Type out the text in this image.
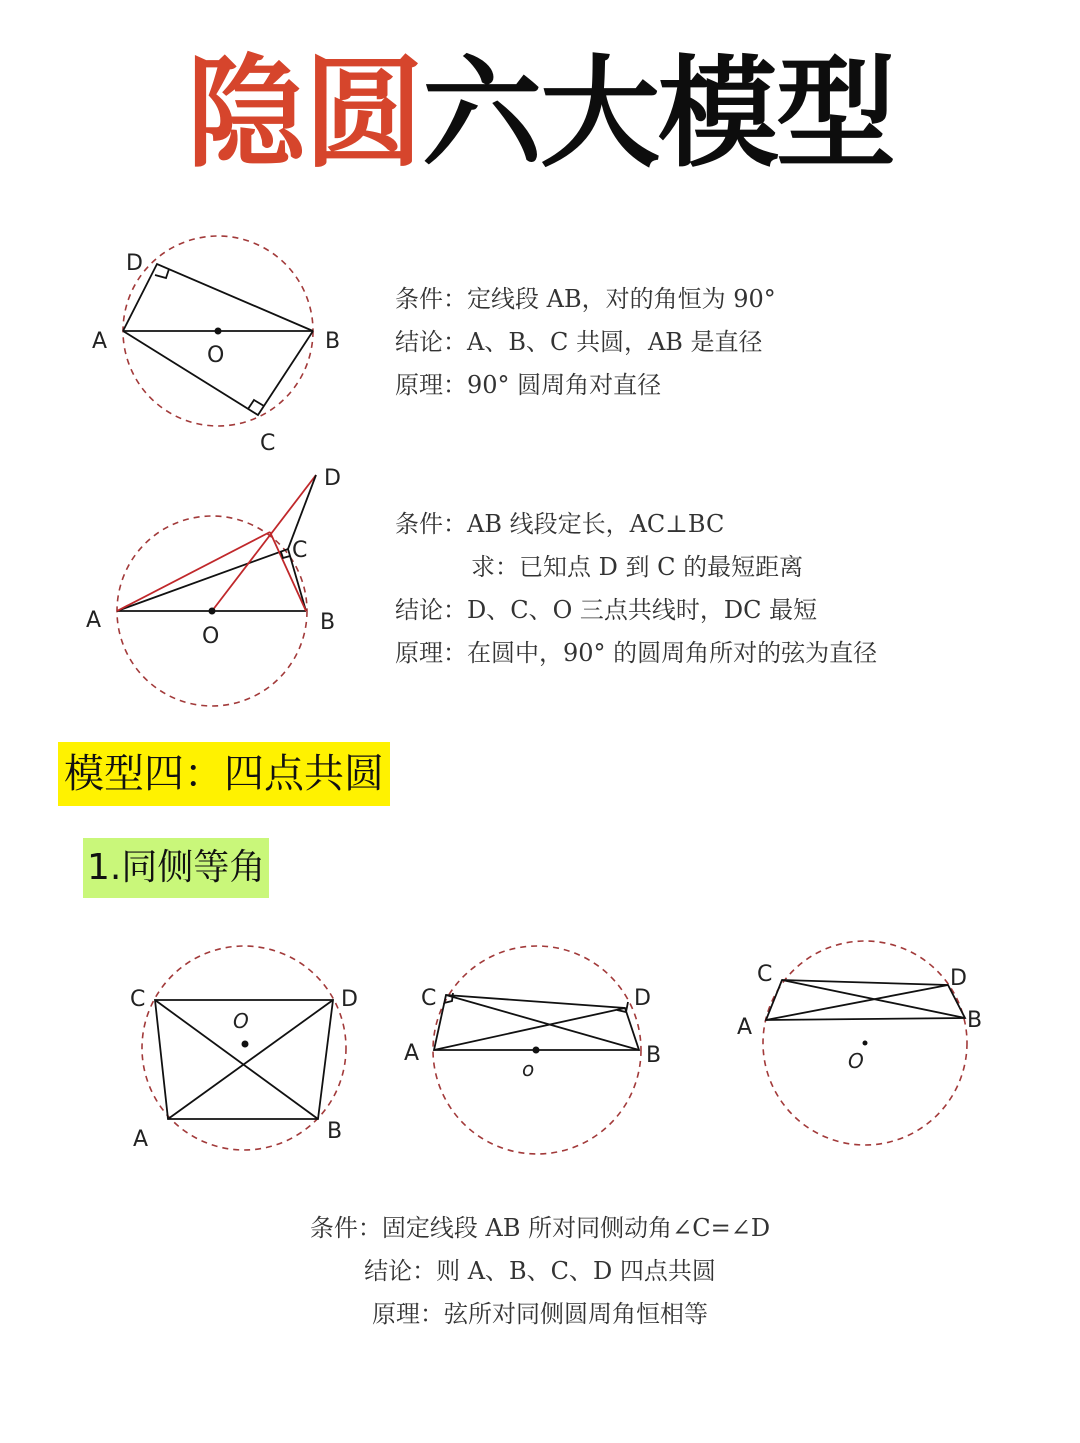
隐圆六大模型
D
A	B
C
O
条件：定线段 AB，对的角恒为 90°
结论：A、B、C 共圆，AB 是直径
原理：90° 圆周角对直径
D
C
A	B
O
条件：AB 线段定长，AC⊥BC
求：已知点 D 到 C 的最短距离
结论：D、C、O 三点共线时，DC 最短
原理：在圆中，90° 的圆周角所对的弦为直径
模型四：四点共圆
1.同侧等角
C	D
A	B
O
C	D
A	B
o
C	D
A	B
O
条件：固定线段 AB 所对同侧动角∠C=∠D
结论：则 A、B、C、D 四点共圆
原理：弦所对同侧圆周角恒相等
